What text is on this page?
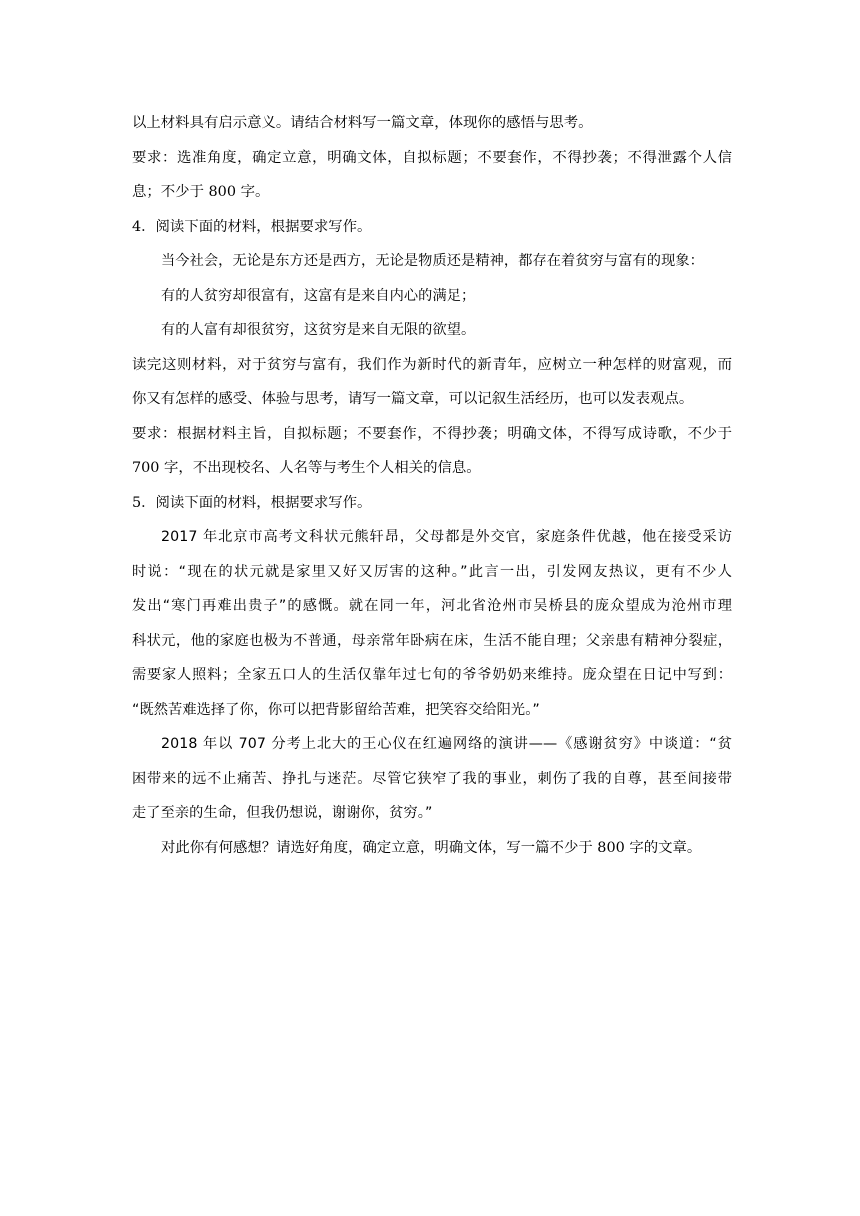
以上材料具有启示意义。请结合材料写一篇文章，体现你的感悟与思考。
要求：选准角度，确定立意，明确文体，自拟标题；不要套作，不得抄袭；不得泄露个人信
息；不少于 800 字。
4．阅读下面的材料，根据要求写作。
当今社会，无论是东方还是西方，无论是物质还是精神，都存在着贫穷与富有的现象：
有的人贫穷却很富有，这富有是来自内心的满足；
有的人富有却很贫穷，这贫穷是来自无限的欲望。
读完这则材料，对于贫穷与富有，我们作为新时代的新青年，应树立一种怎样的财富观，而
你又有怎样的感受、体验与思考，请写一篇文章，可以记叙生活经历，也可以发表观点。
要求：根据材料主旨，自拟标题；不要套作，不得抄袭；明确文体，不得写成诗歌，不少于
700 字，不出现校名、人名等与考生个人相关的信息。
5．阅读下面的材料，根据要求写作。
2017 年北京市高考文科状元熊轩昂，父母都是外交官，家庭条件优越，他在接受采访
时说：“现在的状元就是家里又好又厉害的这种。”此言一出，引发网友热议，更有不少人
发出“寒门再难出贵子”的感慨。就在同一年，河北省沧州市吴桥县的庞众望成为沧州市理
科状元，他的家庭也极为不普通，母亲常年卧病在床，生活不能自理；父亲患有精神分裂症，
需要家人照料；全家五口人的生活仅靠年过七旬的爷爷奶奶来维持。庞众望在日记中写到：
“既然苦难选择了你，你可以把背影留给苦难，把笑容交给阳光。”
2018 年以 707 分考上北大的王心仪在红遍网络的演讲——《感谢贫穷》中谈道：“贫
困带来的远不止痛苦、挣扎与迷茫。尽管它狭窄了我的事业，刺伤了我的自尊，甚至间接带
走了至亲的生命，但我仍想说，谢谢你，贫穷。”
对此你有何感想？请选好角度，确定立意，明确文体，写一篇不少于 800 字的文章。
